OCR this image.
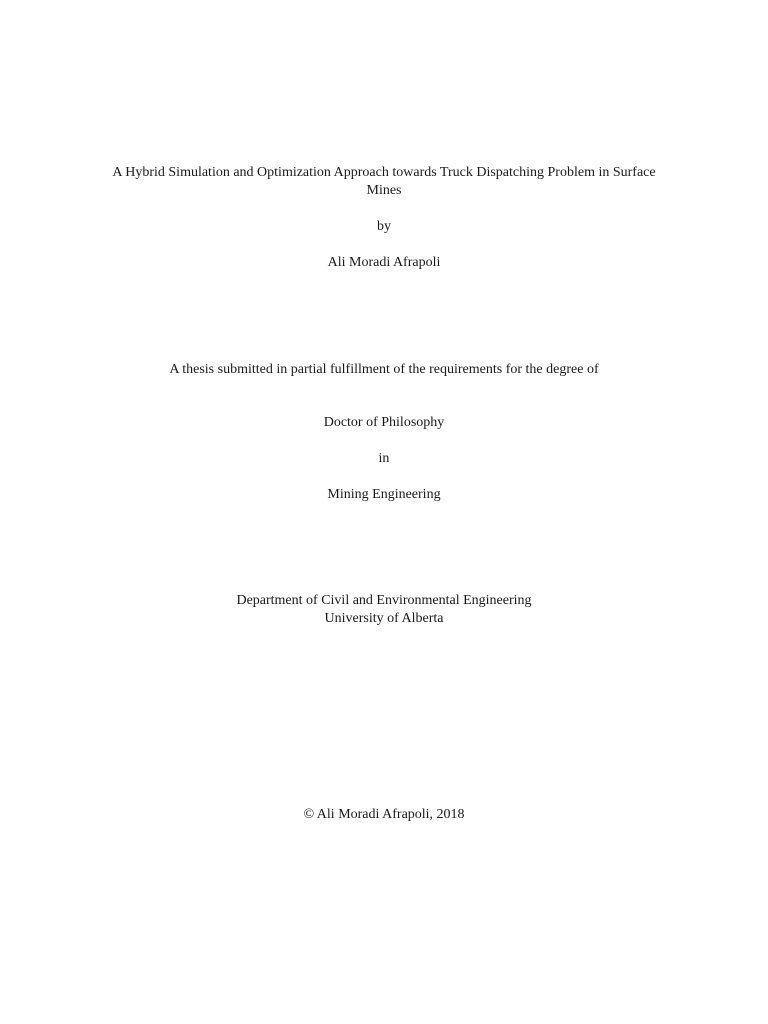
A Hybrid Simulation and Optimization Approach towards Truck Dispatching Problem in Surface
Mines

by

Ali Moradi Afrapoli

A thesis submitted in partial fulfillment of the requirements for the degree of

Doctor of Philosophy

in

Mining Engineering

Department of Civil and Environmental Engineering

University of Alberta

© Ali Moradi Afrapoli, 2018
